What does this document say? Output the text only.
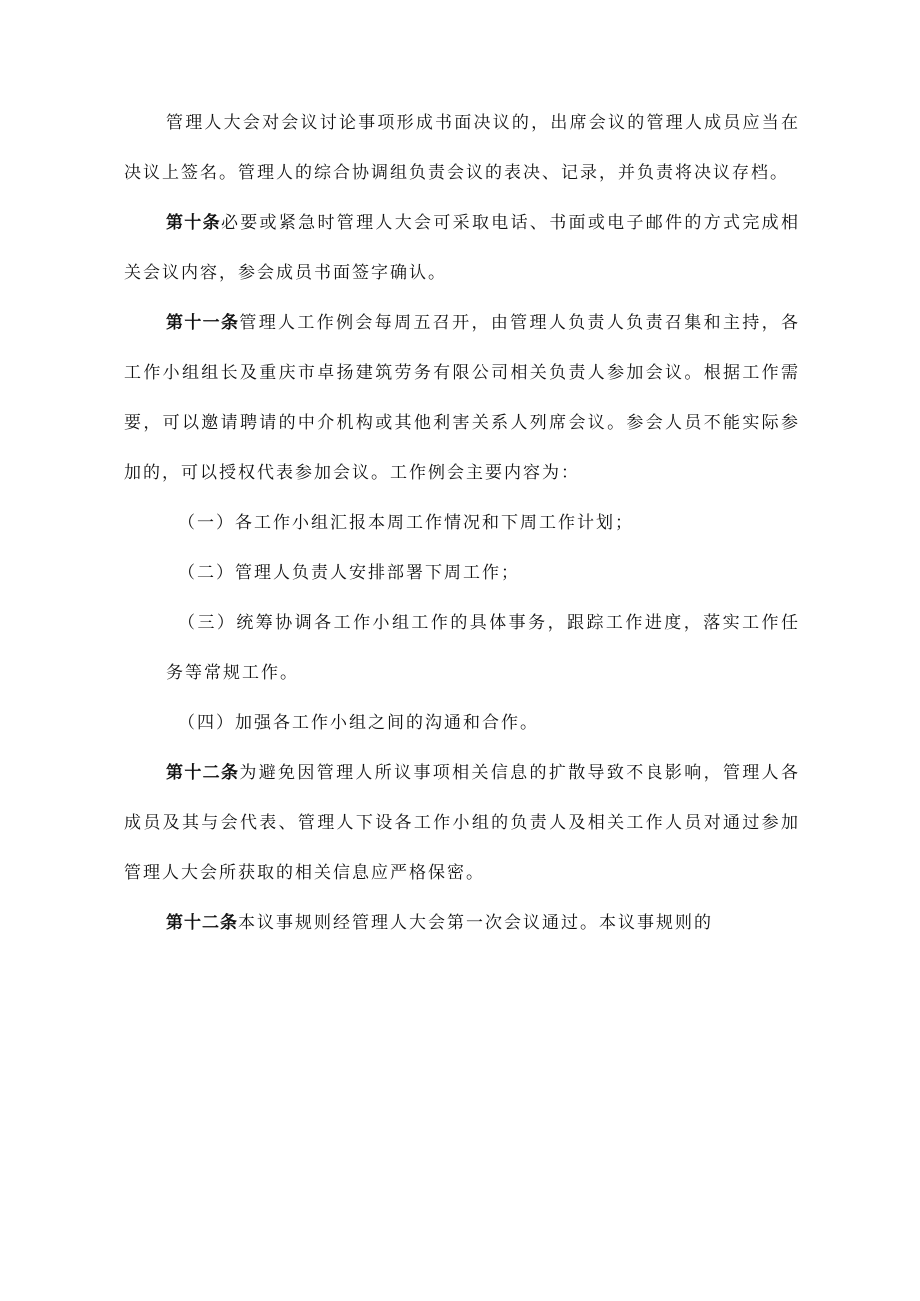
管理人大会对会议讨论事项形成书面决议的，出席会议的管理人成员应当在决议上签名。管理人的综合协调组负责会议的表决、记录，并负责将决议存档。

第十条必要或紧急时管理人大会可采取电话、书面或电子邮件的方式完成相关会议内容，参会成员书面签字确认。

第十一条管理人工作例会每周五召开，由管理人负责人负责召集和主持，各工作小组组长及重庆市卓扬建筑劳务有限公司相关负责人参加会议。根据工作需要，可以邀请聘请的中介机构或其他利害关系人列席会议。参会人员不能实际参加的，可以授权代表参加会议。工作例会主要内容为：

（一）各工作小组汇报本周工作情况和下周工作计划；

（二）管理人负责人安排部署下周工作；

（三）统筹协调各工作小组工作的具体事务，跟踪工作进度，落实工作任务等常规工作。

（四）加强各工作小组之间的沟通和合作。

第十二条为避免因管理人所议事项相关信息的扩散导致不良影响，管理人各成员及其与会代表、管理人下设各工作小组的负责人及相关工作人员对通过参加管理人大会所获取的相关信息应严格保密。

第十二条本议事规则经管理人大会第一次会议通过。本议事规则的
